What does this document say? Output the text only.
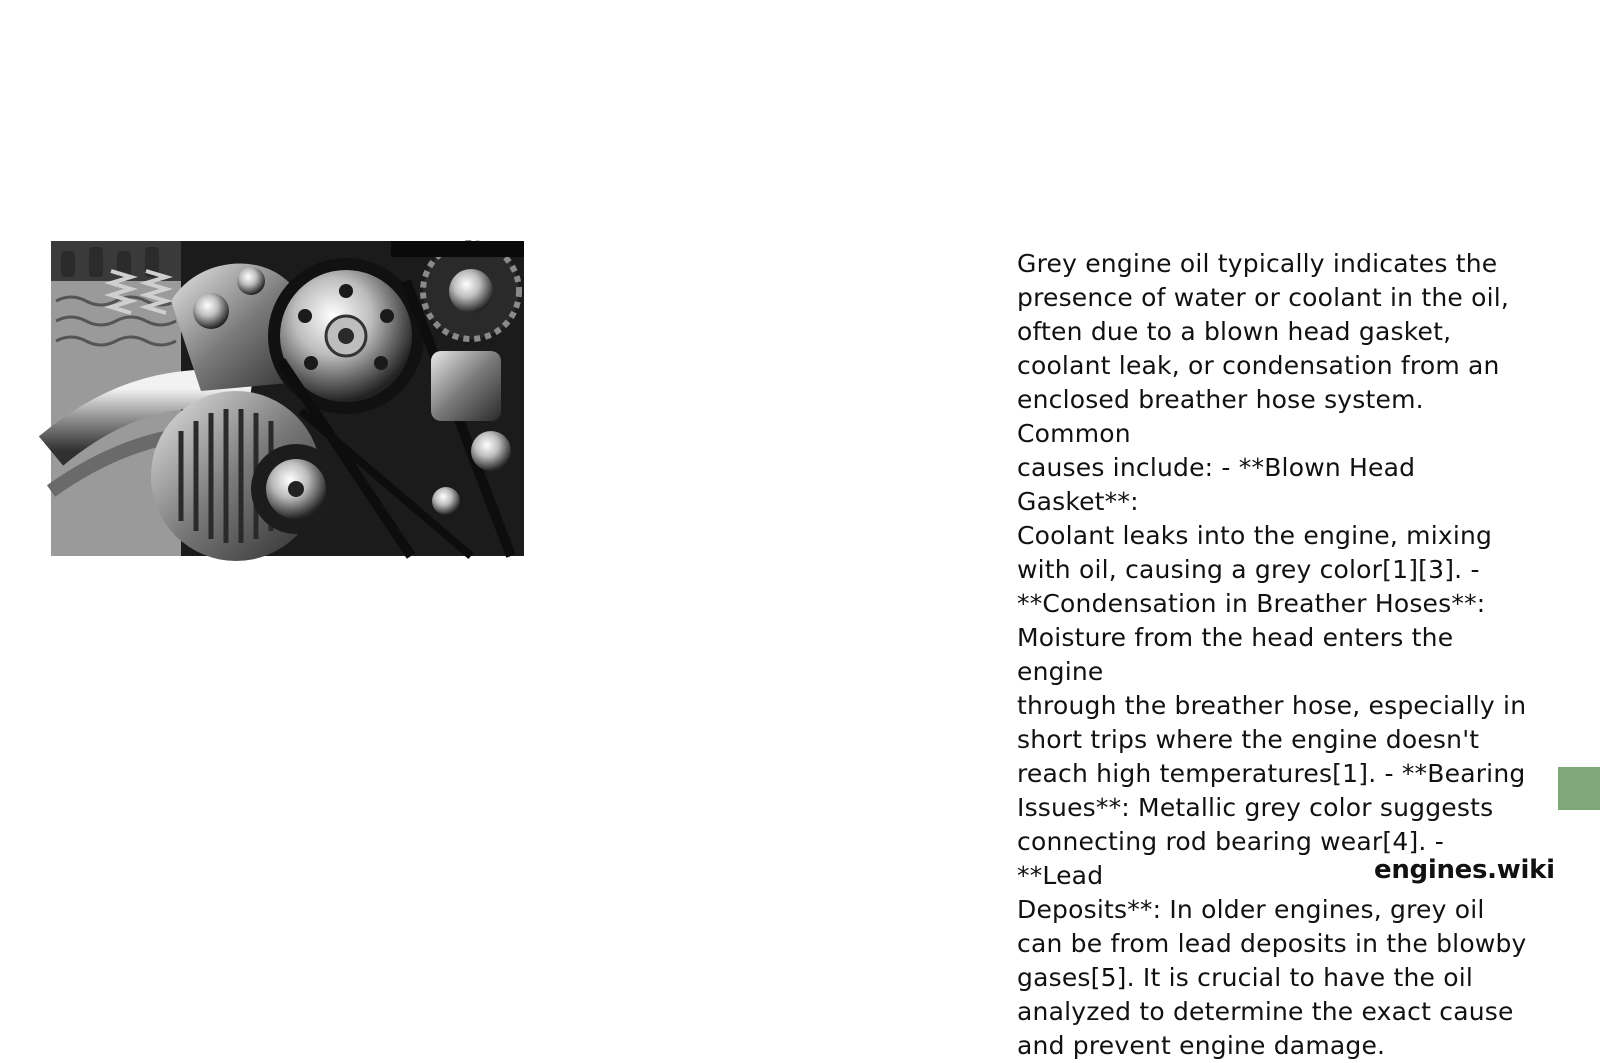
Grey engine oil typically indicates the
presence of water or coolant in the oil,
often due to a blown head gasket,
coolant leak, or condensation from an
enclosed breather hose system. Common
causes include: - **Blown Head Gasket**:
Coolant leaks into the engine, mixing
with oil, causing a grey color[1][3]. -
**Condensation in Breather Hoses**:
Moisture from the head enters the engine
through the breather hose, especially in
short trips where the engine doesn't
reach high temperatures[1]. - **Bearing
Issues**: Metallic grey color suggests
connecting rod bearing wear[4]. - **Lead
Deposits**: In older engines, grey oil
can be from lead deposits in the blowby
gases[5]. It is crucial to have the oil
analyzed to determine the exact cause
and prevent engine damage.

engines.wiki
